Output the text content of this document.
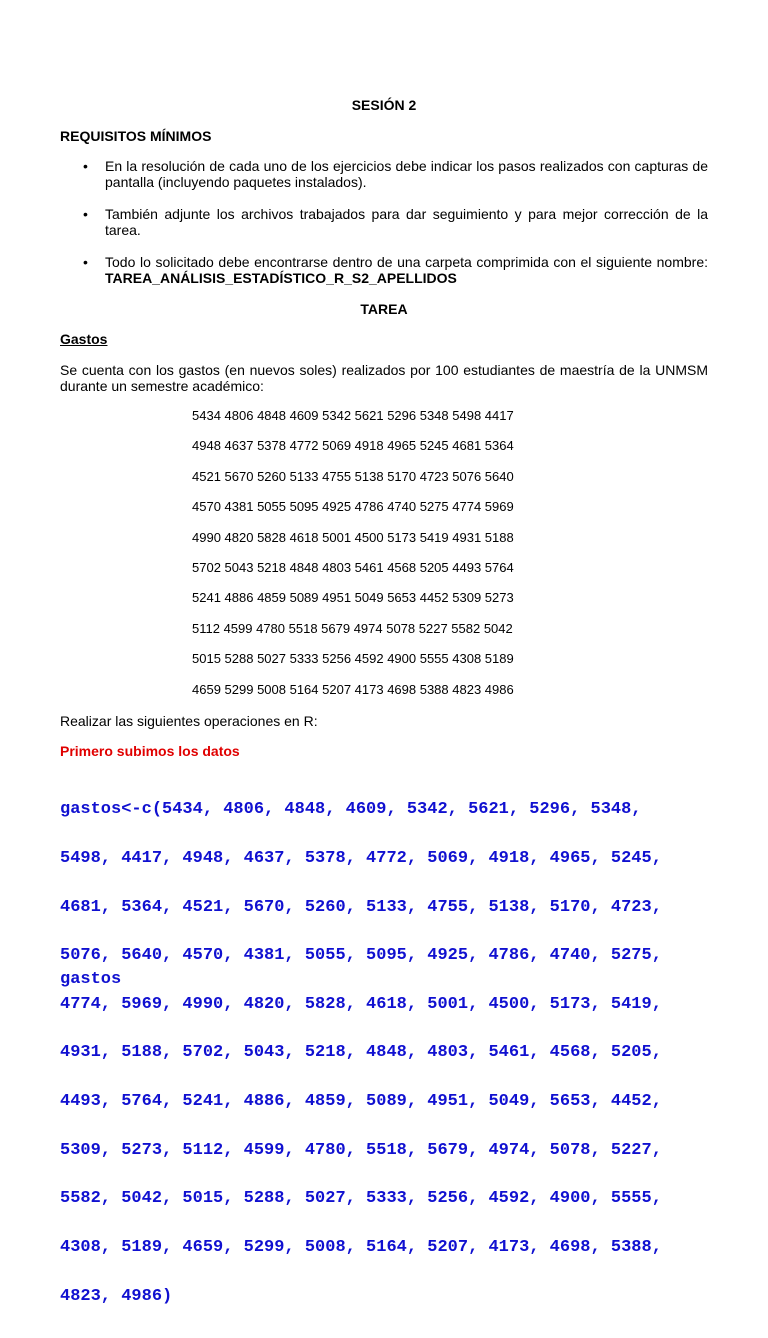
SESIÓN 2
REQUISITOS MÍNIMOS
• En la resolución de cada uno de los ejercicios debe indicar los pasos realizados con capturas de pantalla (incluyendo paquetes instalados).
• También adjunte los archivos trabajados para dar seguimiento y para mejor corrección de la tarea.
• Todo lo solicitado debe encontrarse dentro de una carpeta comprimida con el siguiente nombre: TAREA_ANÁLISIS_ESTADÍSTICO_R_S2_APELLIDOS
TAREA
Gastos
Se cuenta con los gastos (en nuevos soles) realizados por 100 estudiantes de maestría de la UNMSM durante un semestre académico:
5434 4806 4848 4609 5342 5621 5296 5348 5498 4417
4948 4637 5378 4772 5069 4918 4965 5245 4681 5364
4521 5670 5260 5133 4755 5138 5170 4723 5076 5640
4570 4381 5055 5095 4925 4786 4740 5275 4774 5969
4990 4820 5828 4618 5001 4500 5173 5419 4931 5188
5702 5043 5218 4848 4803 5461 4568 5205 4493 5764
5241 4886 4859 5089 4951 5049 5653 4452 5309 5273
5112 4599 4780 5518 5679 4974 5078 5227 5582 5042
5015 5288 5027 5333 5256 4592 4900 5555 4308 5189
4659 5299 5008 5164 5207 4173 4698 5388 4823 4986
Realizar las siguientes operaciones en R:
Primero subimos los datos

gastos<-c(5434, 4806, 4848, 4609, 5342, 5621, 5296, 5348,

5498, 4417, 4948, 4637, 5378, 4772, 5069, 4918, 4965, 5245,

4681, 5364, 4521, 5670, 5260, 5133, 4755, 5138, 5170, 4723,

5076, 5640, 4570, 4381, 5055, 5095, 4925, 4786, 4740, 5275,

4774, 5969, 4990, 4820, 5828, 4618, 5001, 4500, 5173, 5419,

4931, 5188, 5702, 5043, 5218, 4848, 4803, 5461, 4568, 5205,

4493, 5764, 5241, 4886, 4859, 5089, 4951, 5049, 5653, 4452,

5309, 5273, 5112, 4599, 4780, 5518, 5679, 4974, 5078, 5227,

5582, 5042, 5015, 5288, 5027, 5333, 5256, 4592, 4900, 5555,

4308, 5189, 4659, 5299, 5008, 5164, 5207, 4173, 4698, 5388,

4823, 4986)

gastos
